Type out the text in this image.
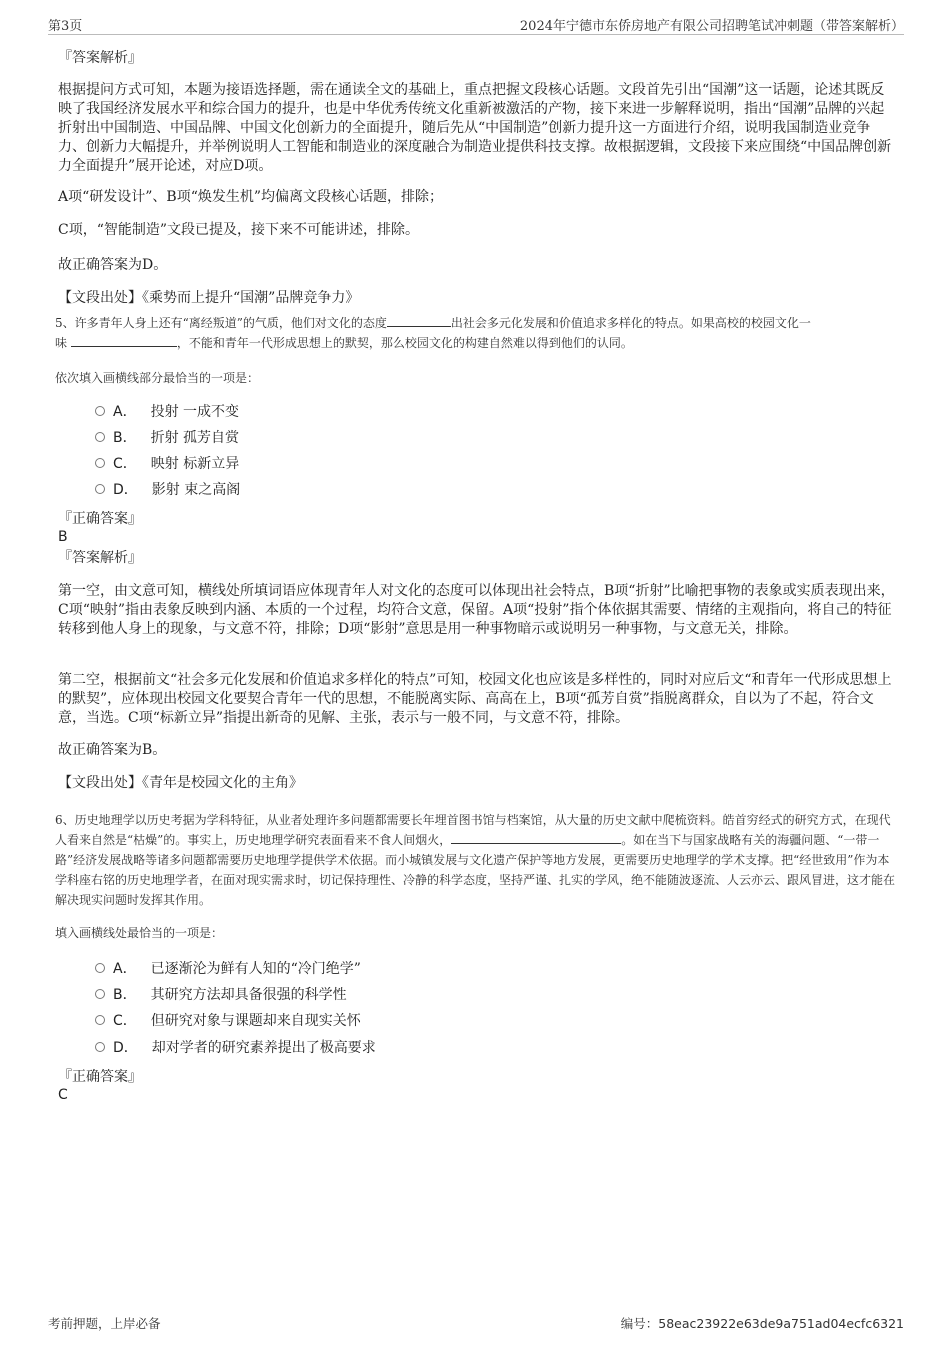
第3页	2024年宁德市东侨房地产有限公司招聘笔试冲刺题（带答案解析）
『答案解析』

根据提问方式可知，本题为接语选择题，需在通读全文的基础上，重点把握文段核心话题。文段首先引出“国潮”这一话题，论述其既反映了我国经济发展水平和综合国力的提升，也是中华优秀传统文化重新被激活的产物，接下来进一步解释说明，指出“国潮”品牌的兴起折射出中国制造、中国品牌、中国文化创新力的全面提升，随后先从“中国制造”创新力提升这一方面进行介绍，说明我国制造业竞争力、创新力大幅提升，并举例说明人工智能和制造业的深度融合为制造业提供科技支撑。故根据逻辑，文段接下来应围绕“中国品牌创新力全面提升”展开论述，对应D项。

A项“研发设计”、B项“焕发生机”均偏离文段核心话题，排除；

C项，“智能制造”文段已提及，接下来不可能讲述，排除。

故正确答案为D。

【文段出处】《乘势而上提升“国潮”品牌竞争力》

5、许多青年人身上还有“离经叛道”的气质，他们对文化的态度	出社会多元化发展和价值追求多样化的特点。如果高校的校园文化一
味	，不能和青年一代形成思想上的默契，那么校园文化的构建自然难以得到他们的认同。
依次填入画横线部分最恰当的一项是：
A． 投射 一成不变
B． 折射 孤芳自赏
C． 映射 标新立异
D． 影射 束之高阁
『正确答案』
B
『答案解析』

第一空，由文意可知，横线处所填词语应体现青年人对文化的态度可以体现出社会特点，B项“折射”比喻把事物的表象或实质表现出来，C项“映射”指由表象反映到内涵、本质的一个过程，均符合文意，保留。A项“投射”指个体依据其需要、情绪的主观指向，将自己的特征转移到他人身上的现象，与文意不符，排除；D项“影射”意思是用一种事物暗示或说明另一种事物，与文意无关，排除。

第二空，根据前文“社会多元化发展和价值追求多样化的特点”可知，校园文化也应该是多样性的，同时对应后文“和青年一代形成思想上的默契”，应体现出校园文化要契合青年一代的思想，不能脱离实际、高高在上，B项“孤芳自赏”指脱离群众，自以为了不起，符合文意，当选。C项“标新立异”指提出新奇的见解、主张，表示与一般不同，与文意不符，排除。

故正确答案为B。

【文段出处】《青年是校园文化的主角》

6、历史地理学以历史考据为学科特征，从业者处理许多问题都需要长年埋首图书馆与档案馆，从大量的历史文献中爬梳资料。皓首穷经式的研究方式，在现代人看来自然是“枯燥”的。事实上，历史地理学研究表面看来不食人间烟火，	。如在当下与国家战略有关的海疆问题、“一带一路”经济发展战略等诸多问题都需要历史地理学提供学术依据。而小城镇发展与文化遗产保护等地方发展，更需要历史地理学的学术支撑。把“经世致用”作为本学科座右铭的历史地理学者，在面对现实需求时，切记保持理性、冷静的科学态度，坚持严谨、扎实的学风，绝不能随波逐流、人云亦云、跟风冒进，这才能在解决现实问题时发挥其作用。
填入画横线处最恰当的一项是：
A． 已逐渐沦为鲜有人知的“冷门绝学”
B． 其研究方法却具备很强的科学性
C． 但研究对象与课题却来自现实关怀
D． 却对学者的研究素养提出了极高要求
『正确答案』
C
考前押题，上岸必备	编号：58eac23922e63de9a751ad04ecfc6321
